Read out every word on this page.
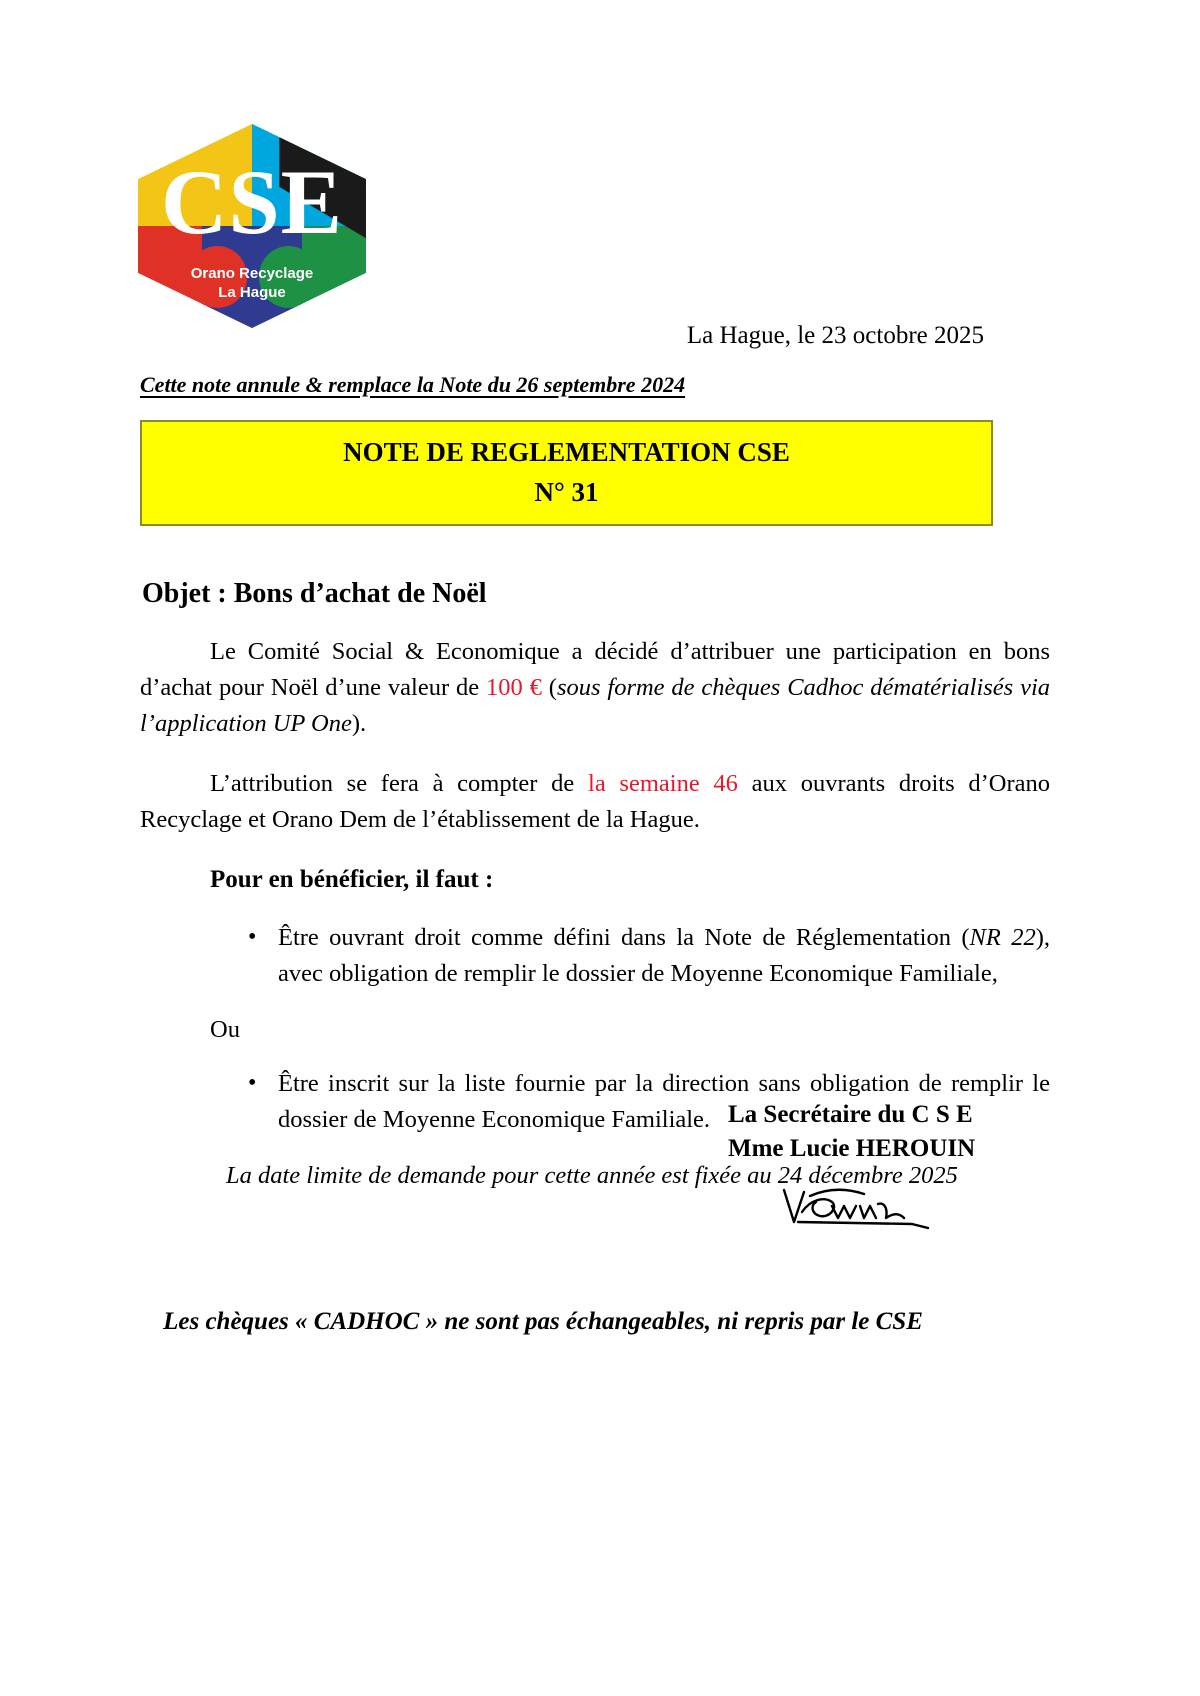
CSE
Orano Recyclage
La Hague
La Hague, le 23 octobre 2025
Cette note annule & remplace la Note du 26 septembre 2024
NOTE DE REGLEMENTATION CSE
N° 31
Objet : Bons d’achat de Noël

Le Comité Social & Economique a décidé d’attribuer une participation en bons d’achat pour Noël d’une valeur de 100 € (sous forme de chèques Cadhoc dématérialisés via l’application UP One).

L’attribution se fera à compter de la semaine 46 aux ouvrants droits d’Orano Recyclage et Orano Dem de l’établissement de la Hague.

Pour en bénéficier, il faut :

• Être ouvrant droit comme défini dans la Note de Réglementation (NR 22), avec obligation de remplir le dossier de Moyenne Economique Familiale,

Ou

• Être inscrit sur la liste fournie par la direction sans obligation de remplir le dossier de Moyenne Economique Familiale.

La date limite de demande pour cette année est fixée au 24 décembre 2025

La Secrétaire du C S E
Mme Lucie HEROUIN
Les chèques « CADHOC » ne sont pas échangeables, ni repris par le CSE
